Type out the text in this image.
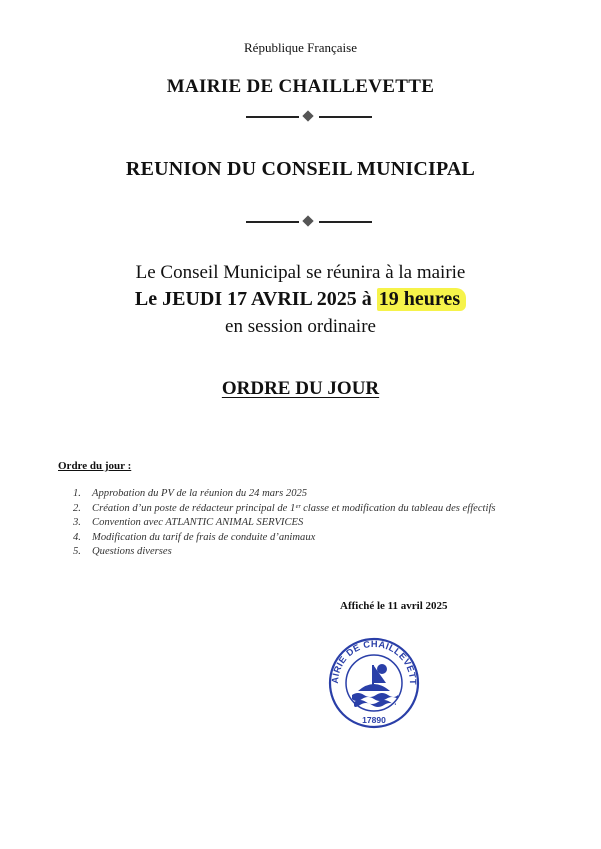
République Française
MAIRIE DE CHAILLEVETTE
REUNION DU CONSEIL MUNICIPAL
Le Conseil Municipal se réunira à la mairie
Le JEUDI 17 AVRIL 2025 à 19 heures
en session ordinaire
ORDRE DU JOUR
Ordre du jour :
1. Approbation du PV de la réunion du 24 mars 2025
2. Création d’un poste de rédacteur principal de 1ᵉʳ classe et modification du tableau des effectifs
3. Convention avec ATLANTIC ANIMAL SERVICES
4. Modification du tarif de frais de conduite d’animaux
5. Questions diverses
Affiché le 11 avril 2025
AIRIE DE CHAILLEVETT
17890
